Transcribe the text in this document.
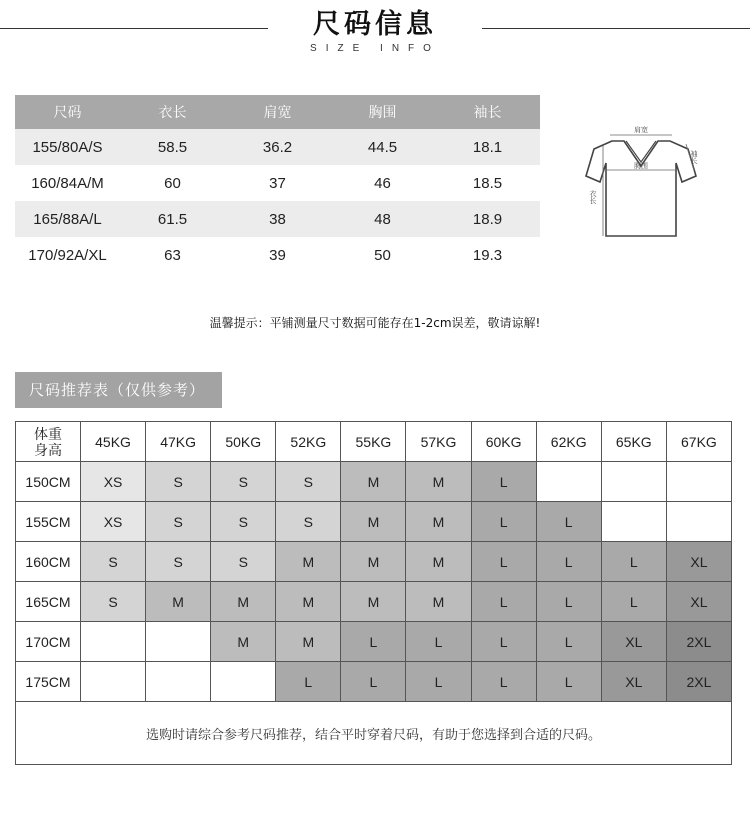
尺码信息
SIZE INFO
尺码	衣长	肩宽	胸围	袖长
155/80A/S	58.5	36.2	44.5	18.1
160/84A/M	60	37	46	18.5
165/88A/L	61.5	38	48	18.9
170/92A/XL	63	39	50	19.3
肩宽
胸围
衣长
袖长
温馨提示：平铺测量尺寸数据可能存在1-2cm误差，敬请谅解!
尺码推荐表（仅供参考）
体重
身高	45KG	47KG	50KG	52KG	55KG	57KG	60KG	62KG	65KG	67KG
150CM	XS	S	S	S	M	M	L			
155CM	XS	S	S	S	M	M	L	L		
160CM	S	S	S	M	M	M	L	L	L	XL
165CM	S	M	M	M	M	M	L	L	L	XL
170CM			M	M	L	L	L	L	XL	2XL
175CM				L	L	L	L	L	XL	2XL
选购时请综合参考尺码推荐，结合平时穿着尺码，有助于您选择到合适的尺码。										
